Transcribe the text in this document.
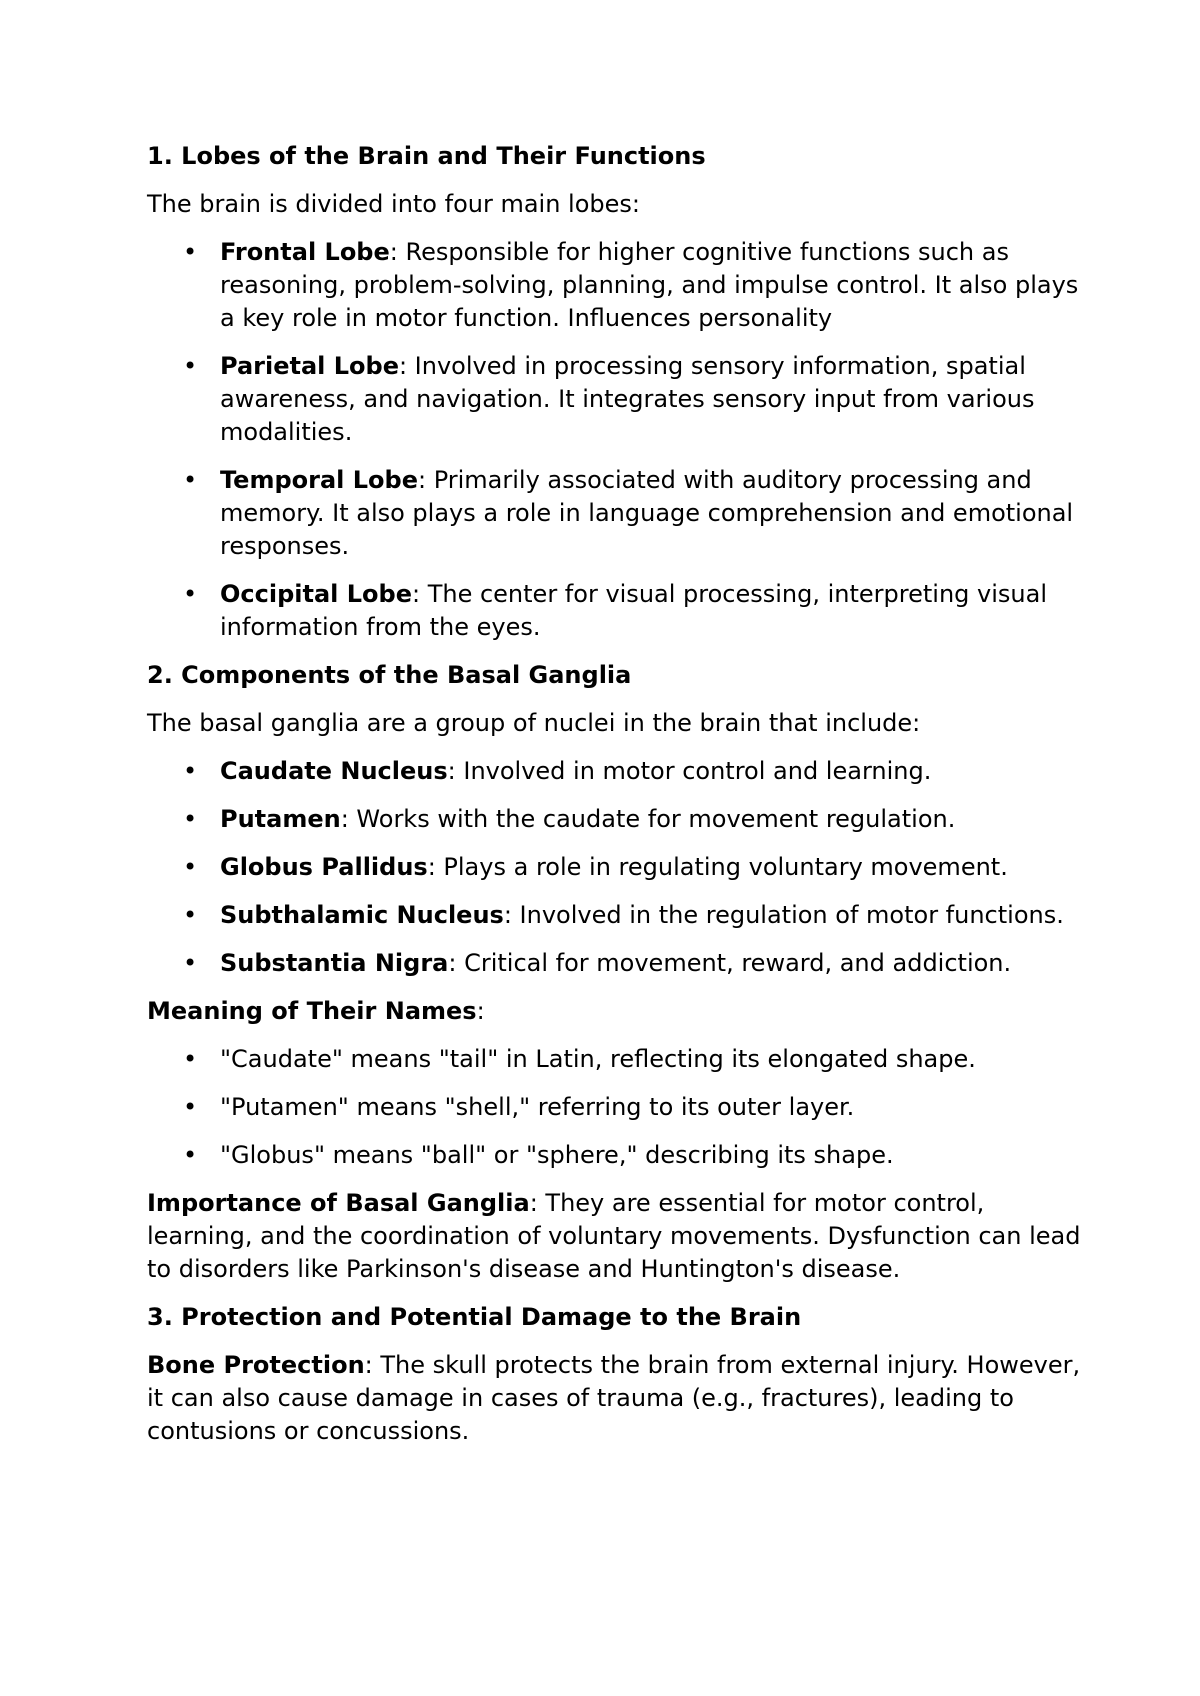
1. Lobes of the Brain and Their Functions
The brain is divided into four main lobes:
• Frontal Lobe: Responsible for higher cognitive functions such as reasoning, problem-solving, planning, and impulse control. It also plays a key role in motor function. Influences personality
• Parietal Lobe: Involved in processing sensory information, spatial awareness, and navigation. It integrates sensory input from various modalities.
• Temporal Lobe: Primarily associated with auditory processing and memory. It also plays a role in language comprehension and emotional responses.
• Occipital Lobe: The center for visual processing, interpreting visual information from the eyes.
2. Components of the Basal Ganglia
The basal ganglia are a group of nuclei in the brain that include:
• Caudate Nucleus: Involved in motor control and learning.
• Putamen: Works with the caudate for movement regulation.
• Globus Pallidus: Plays a role in regulating voluntary movement.
• Subthalamic Nucleus: Involved in the regulation of motor functions.
• Substantia Nigra: Critical for movement, reward, and addiction.
Meaning of Their Names:
• "Caudate" means "tail" in Latin, reflecting its elongated shape.
• "Putamen" means "shell," referring to its outer layer.
• "Globus" means "ball" or "sphere," describing its shape.
Importance of Basal Ganglia: They are essential for motor control, learning, and the coordination of voluntary movements. Dysfunction can lead to disorders like Parkinson's disease and Huntington's disease.
3. Protection and Potential Damage to the Brain
Bone Protection: The skull protects the brain from external injury. However, it can also cause damage in cases of trauma (e.g., fractures), leading to contusions or concussions.
